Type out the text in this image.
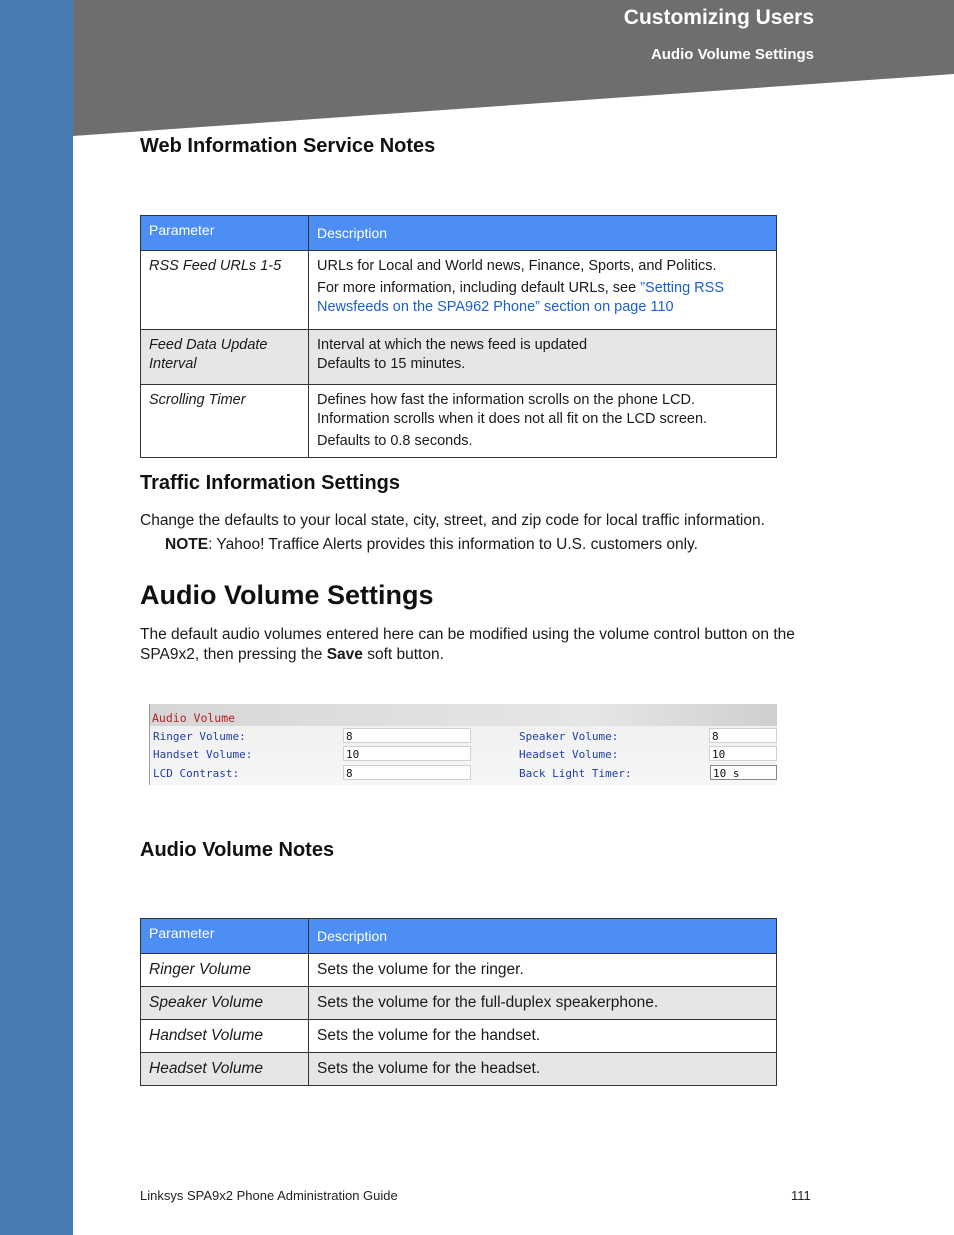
Customizing Users
Audio Volume Settings
Web Information Service Notes
Parameter	Description
RSS Feed URLs 1-5	URLs for Local and World news, Finance, Sports, and Politics.
For more information, including default URLs, see ”Setting RSS Newsfeeds on the SPA962 Phone” section on page 110

Feed Data Update Interval	Interval at which the news feed is updated
Defaults to 15 minutes.

Scrolling Timer	Defines how fast the information scrolls on the phone LCD. Information scrolls when it does not all fit on the LCD screen.
Defaults to 0.8 seconds.
Traffic Information Settings

Change the defaults to your local state, city, street, and zip code for local traffic information.

NOTE: Yahoo! Traffice Alerts provides this information to U.S. customers only.

Audio Volume Settings

The default audio volumes entered here can be modified using the volume control button on the SPA9x2, then pressing the Save soft button.

Audio Volume
Ringer Volume:	8	Speaker Volume:	8
Handset Volume:	10	Headset Volume:	10
LCD Contrast:	8	Back Light Timer:	10 s
Audio Volume Notes
Parameter	Description
Ringer Volume	Sets the volume for the ringer.
Speaker Volume	Sets the volume for the full-duplex speakerphone.
Handset Volume	Sets the volume for the handset.
Headset Volume	Sets the volume for the headset.
Linksys SPA9x2 Phone Administration Guide	111
